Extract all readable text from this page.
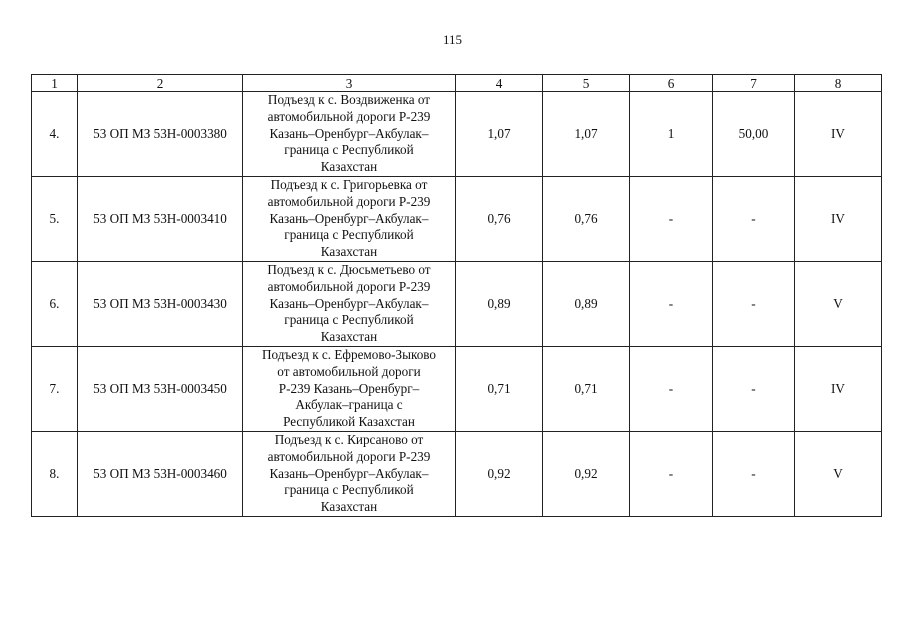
115
1	2	3	4	5	6	7	8
4.	53 ОП МЗ 53Н-0003380	Подъезд к с. Воздвиженка от
автомобильной дороги Р-239
Казань–Оренбург–Акбулак–
граница с Республикой
Казахстан	1,07	1,07	1	50,00	IV
5.	53 ОП МЗ 53Н-0003410	Подъезд к с. Григорьевка от
автомобильной дороги Р-239
Казань–Оренбург–Акбулак–
граница с Республикой
Казахстан	0,76	0,76	-	-	IV
6.	53 ОП МЗ 53Н-0003430	Подъезд к с. Дюсьметьево от
автомобильной дороги Р-239
Казань–Оренбург–Акбулак–
граница с Республикой
Казахстан	0,89	0,89	-	-	V
7.	53 ОП МЗ 53Н-0003450	Подъезд к с. Ефремово-Зыково
от автомобильной дороги
Р-239 Казань–Оренбург–
Акбулак–граница с
Республикой Казахстан	0,71	0,71	-	-	IV
8.	53 ОП МЗ 53Н-0003460	Подъезд к с. Кирсаново от
автомобильной дороги Р-239
Казань–Оренбург–Акбулак–
граница с Республикой
Казахстан	0,92	0,92	-	-	V
